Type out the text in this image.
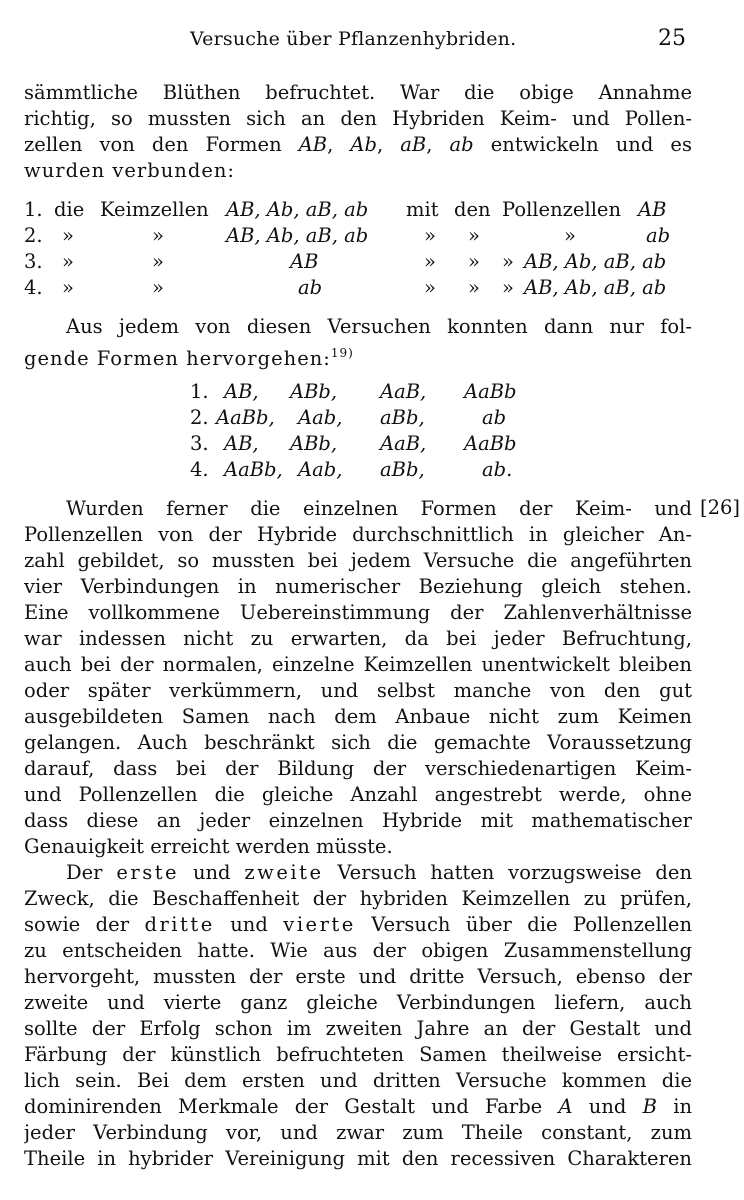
Versuche über Pflanzenhybriden.	25
sämmtliche Blüthen befruchtet. War die obige Annahme
richtig, so mussten sich an den Hybriden Keim- und Pollen-
zellen von den Formen AB, Ab, aB, ab entwickeln und es
wurden verbunden:
1. die Keimzellen AB, Ab, aB, ab mit den Pollenzellen AB
2. »	»	AB, Ab, aB, ab	» »	»	ab
3. »	»	AB	» » » AB, Ab, aB, ab
4. »	»	ab	» » » AB, Ab, aB, ab
Aus jedem von diesen Versuchen konnten dann nur fol-
gende Formen hervorgehen:$^{19)}$
1. AB, ABb, AaB, AaBb
2. AaBb, Aab, aBb,	ab
3. AB, ABb, AaB, AaBb
4. AaBb, Aab, aBb,	ab.
[26]
Wurden ferner die einzelnen Formen der Keim- und
Pollenzellen von der Hybride durchschnittlich in gleicher An-
zahl gebildet, so mussten bei jedem Versuche die angeführten
vier Verbindungen in numerischer Beziehung gleich stehen.
Eine vollkommene Uebereinstimmung der Zahlenverhältnisse
war indessen nicht zu erwarten, da bei jeder Befruchtung,
auch bei der normalen, einzelne Keimzellen unentwickelt bleiben
oder später verkümmern, und selbst manche von den gut
ausgebildeten Samen nach dem Anbaue nicht zum Keimen
gelangen. Auch beschränkt sich die gemachte Voraussetzung
darauf, dass bei der Bildung der verschiedenartigen Keim-
und Pollenzellen die gleiche Anzahl angestrebt werde, ohne
dass diese an jeder einzelnen Hybride mit mathematischer
Genauigkeit erreicht werden müsste.
Der erste und zweite Versuch hatten vorzugsweise den
Zweck, die Beschaffenheit der hybriden Keimzellen zu prüfen,
sowie der dritte und vierte Versuch über die Pollenzellen
zu entscheiden hatte. Wie aus der obigen Zusammenstellung
hervorgeht, mussten der erste und dritte Versuch, ebenso der
zweite und vierte ganz gleiche Verbindungen liefern, auch
sollte der Erfolg schon im zweiten Jahre an der Gestalt und
Färbung der künstlich befruchteten Samen theilweise ersicht-
lich sein. Bei dem ersten und dritten Versuche kommen die
dominirenden Merkmale der Gestalt und Farbe A und B in
jeder Verbindung vor, und zwar zum Theile constant, zum
Theile in hybrider Vereinigung mit den recessiven Charakteren
